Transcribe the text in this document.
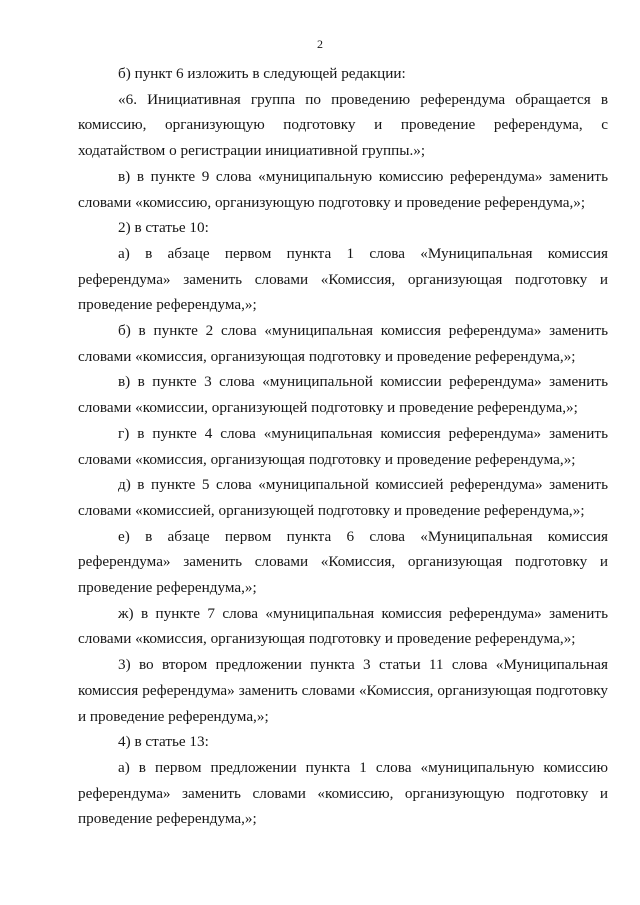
2

б) пункт 6 изложить в следующей редакции:

«6. Инициативная группа по проведению референдума обращается в комиссию, организующую подготовку и проведение референдума, с ходатайством о регистрации инициативной группы.»;

в) в пункте 9 слова «муниципальную комиссию референдума» заменить словами «комиссию, организующую подготовку и проведение референдума,»;

2) в статье 10:

а) в абзаце первом пункта 1 слова «Муниципальная комиссия референдума» заменить словами «Комиссия, организующая подготовку и проведение референдума,»;

б) в пункте 2 слова «муниципальная комиссия референдума» заменить словами «комиссия, организующая подготовку и проведение референдума,»;

в) в пункте 3 слова «муниципальной комиссии референдума» заменить словами «комиссии, организующей подготовку и проведение референдума,»;

г) в пункте 4 слова «муниципальная комиссия референдума» заменить словами «комиссия, организующая подготовку и проведение референдума,»;

д) в пункте 5 слова «муниципальной комиссией референдума» заменить словами «комиссией, организующей подготовку и проведение референдума,»;

е) в абзаце первом пункта 6 слова «Муниципальная комиссия референдума» заменить словами «Комиссия, организующая подготовку и проведение референдума,»;

ж) в пункте 7 слова «муниципальная комиссия референдума» заменить словами «комиссия, организующая подготовку и проведение референдума,»;

3) во втором предложении пункта 3 статьи 11 слова «Муниципальная комиссия референдума» заменить словами «Комиссия, организующая подготовку и проведение референдума,»;

4) в статье 13:

а) в первом предложении пункта 1 слова «муниципальную комиссию референдума» заменить словами «комиссию, организующую подготовку и проведение референдума,»;
